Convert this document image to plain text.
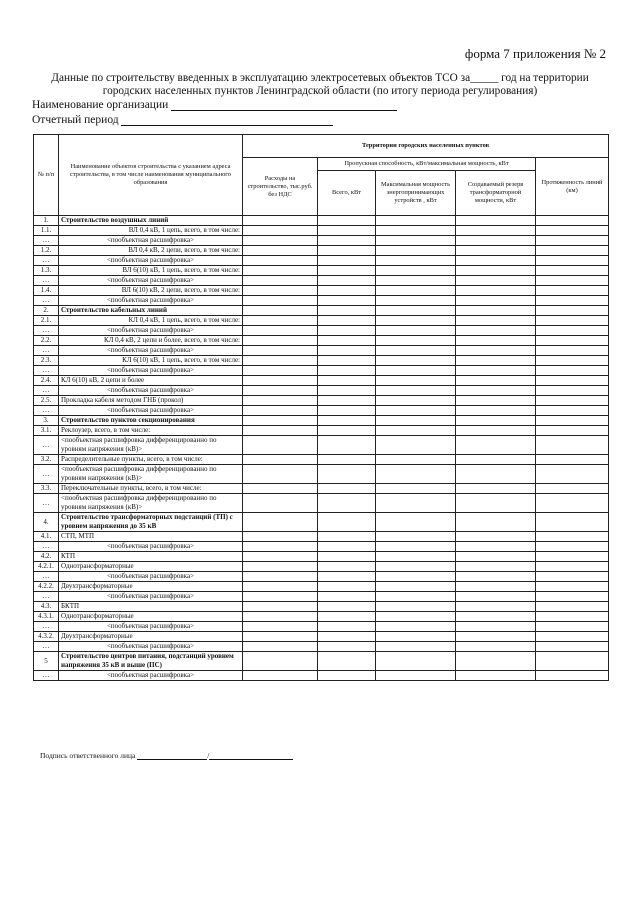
форма 7 приложения № 2
Данные по строительству введенных в эксплуатацию электросетевых объектов ТСО за_____ год на территории
городских населенных пунктов Ленинградской области (по итогу периода регулирования)
Наименование организации
Отчетный период
№ п/п	Наименование объектов строительства с указанием адреса строительства, в том числе наименования муниципального образования	Территории городских населенных пунктов				
		Расходы на строительство, тыс.руб. без НДС	Пропускная способность, кВт/максимальная мощность, кВт			Протяженность линий (км)
			Всего, кВт	Максимальная мощность энергопринимающих устройств , кВт	Создаваемый резерв трансформаторной мощности, кВт	
1.	Строительство воздушных линий					
1.1.	ВЛ 0,4 кВ, 1 цепь, всего, в том числе:					
…	<пообъектная расшифровка>					
1.2.	ВЛ 0,4 кВ, 2 цепи, всего, в том числе:					
…	<пообъектная расшифровка>					
1.3.	ВЛ 6(10) кВ, 1 цепь, всего, в том числе:					
…	<пообъектная расшифровка>					
1.4.	ВЛ 6(10) кВ, 2 цепи, всего, в том числе:					
…	<пообъектная расшифровка>					
2.	Строительство кабельных линий					
2.1.	КЛ 0,4 кВ, 1 цепь, всего, в том числе:					
…	<пообъектная расшифровка>					
2.2.	КЛ 0,4 кВ, 2 цепи и более, всего, в том числе:					
…	<пообъектная расшифровка>					
2.3.	КЛ 6(10) кВ, 1 цепь, всего, в том числе:					
…	<пообъектная расшифровка>					
2.4.	КЛ 6(10) кВ, 2 цепи и более					
…	<пообъектная расшифровка>					
2.5.	Прокладка кабеля методом ГНБ (прокол)					
…	<пообъектная расшифровка>					
3.	Строительство пунктов секционирования					
3.1.	Реклоузер, всего, в том числе:					
…	<пообъектная расшифровка дифференцированно по уровням напряжения (кВ)>					
3.2.	Распределительные пункты, всего, в том числе:					
…	<пообъектная расшифровка дифференцированно по уровням напряжения (кВ)>					
3.3.	Переключательные пункты, всего, в том числе:					
…	<пообъектная расшифровка дифференцированно по уровням напряжения (кВ)>					
4.	Строительство трансформаторных подстанций (ТП) с уровнем напряжения до 35 кВ					
4.1.	СТП, МТП					
…	<пообъектная расшифровка>					
4.2.	КТП					
4.2.1.	Однотрансформаторные					
…	<пообъектная расшифровка>					
4.2.2.	Двухтрансформаторные					
…	<пообъектная расшифровка>					
4.3.	БКТП					
4.3.1.	Однотрансформаторные					
…	<пообъектная расшифровка>					
4.3.2.	Двухтрансформаторные					
…	<пообъектная расшифровка>					
5	Строительство центров питания, подстанций уровнем напряжения 35 кВ и выше (ПС)					
…	<пообъектная расшифровка>					
Подпись ответственного лица	/
